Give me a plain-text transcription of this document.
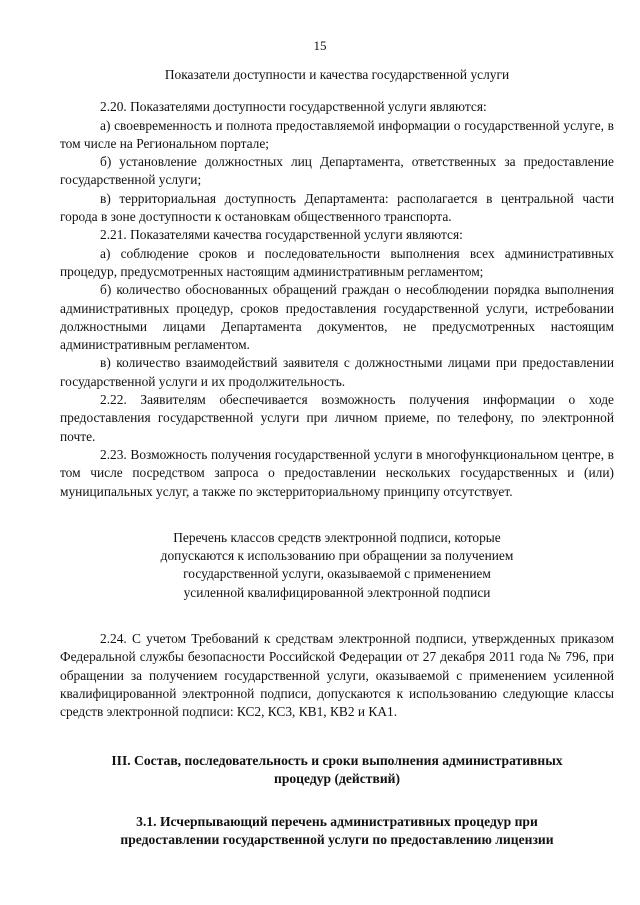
15
Показатели доступности и качества государственной услуги

2.20. Показателями доступности государственной услуги являются:

а) своевременность и полнота предоставляемой информации о государственной услуге, в том числе на Региональном портале;

б) установление должностных лиц Департамента, ответственных за предоставление государственной услуги;

в) территориальная доступность Департамента: располагается в центральной части города в зоне доступности к остановкам общественного транспорта.

2.21. Показателями качества государственной услуги являются:

а) соблюдение сроков и последовательности выполнения всех административных процедур, предусмотренных настоящим административным регламентом;

б) количество обоснованных обращений граждан о несоблюдении порядка выполнения административных процедур, сроков предоставления государственной услуги, истребовании должностными лицами Департамента документов, не предусмотренных настоящим административным регламентом.

в) количество взаимодействий заявителя с должностными лицами при предоставлении государственной услуги и их продолжительность.

2.22. Заявителям обеспечивается возможность получения информации о ходе предоставления государственной услуги при личном приеме, по телефону, по электронной почте.

2.23. Возможность получения государственной услуги в многофункциональном центре, в том числе посредством запроса о предоставлении нескольких государственных и (или) муниципальных услуг, а также по экстерриториальному принципу отсутствует.

Перечень классов средств электронной подписи, которые
допускаются к использованию при обращении за получением
государственной услуги, оказываемой с применением
усиленной квалифицированной электронной подписи

2.24. С учетом Требований к средствам электронной подписи, утвержденных приказом Федеральной службы безопасности Российской Федерации от 27 декабря 2011 года № 796, при обращении за получением государственной услуги, оказываемой с применением усиленной квалифицированной электронной подписи, допускаются к использованию следующие классы средств электронной подписи: КС2, КС3, КВ1, КВ2 и КА1.

III. Состав, последовательность и сроки выполнения административных
процедур (действий)
3.1. Исчерпывающий перечень административных процедур при
предоставлении государственной услуги по предоставлению лицензии
